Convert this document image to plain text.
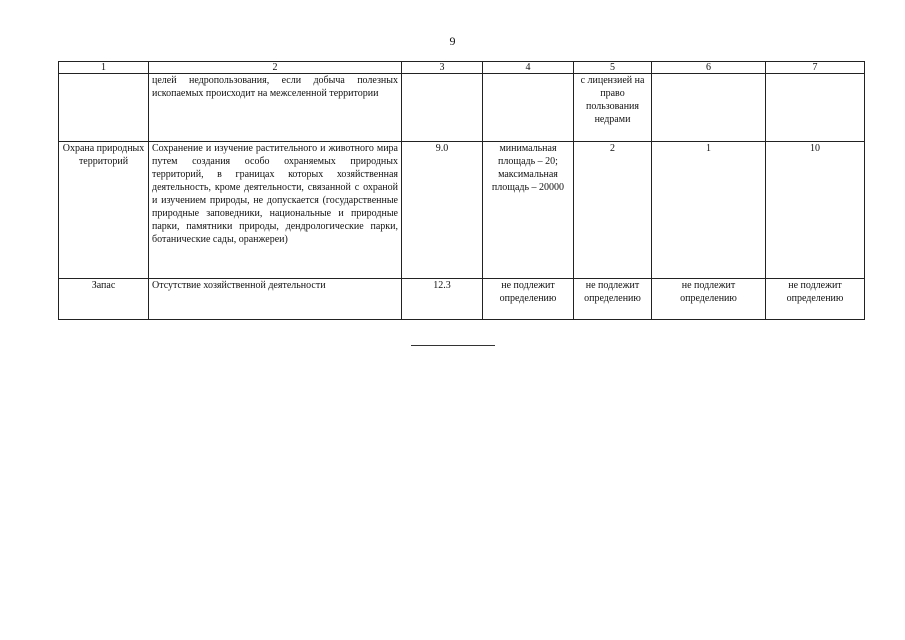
9
1	2	3	4	5	6	7
	целей недропользования, если добыча полезных ископаемых происходит на межселенной территории			с лицензией на право пользования недрами		
Охрана природных территорий	Сохранение и изучение растительного и животного мира путем создания особо охраняемых природных территорий, в границах которых хозяйственная деятельность, кроме деятельности, связанной с охраной и изучением природы, не допускается (государственные природные заповедники, национальные и природные парки, памятники природы, дендрологические парки, ботанические сады, оранжереи)	9.0	минимальная площадь – 20; максимальная площадь – 20000	2	1	10
Запас	Отсутствие хозяйственной деятельности	12.3	не подлежит определению	не подлежит определению	не подлежит определению	не подлежит определению
